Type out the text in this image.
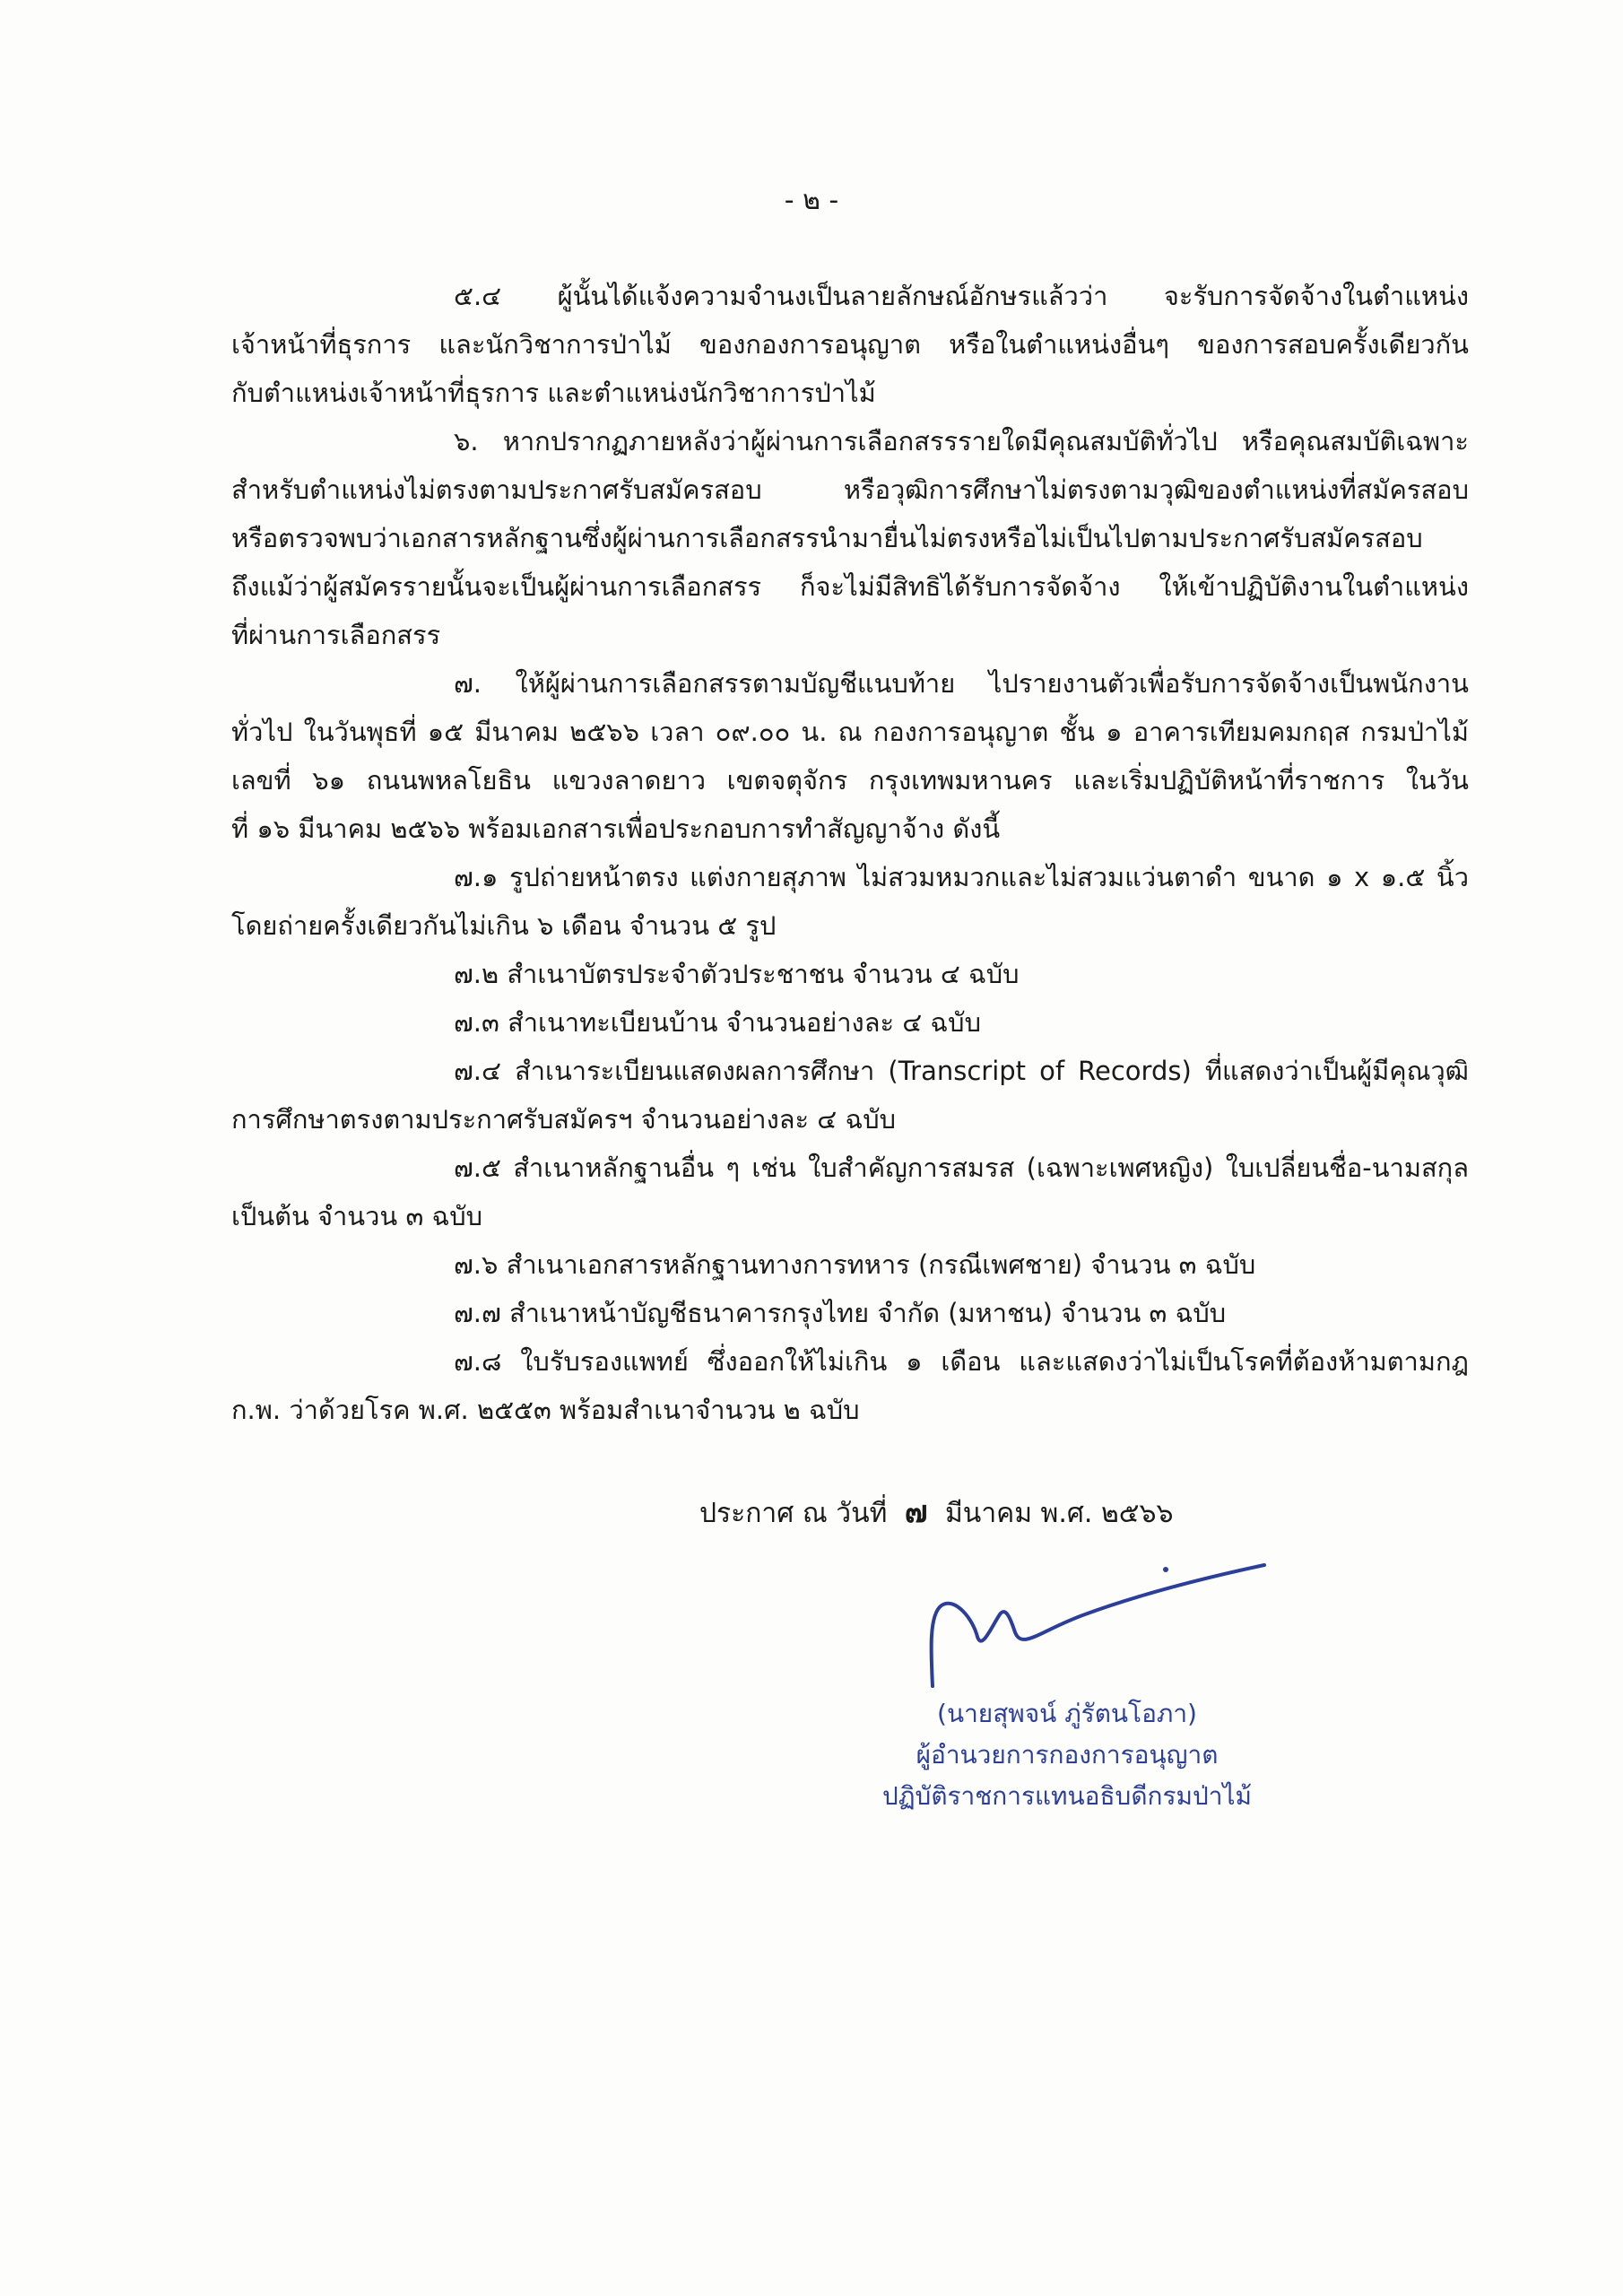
- ๒ -
๕.๔ ผู้นั้นได้แจ้งความจำนงเป็นลายลักษณ์อักษรแล้วว่า จะรับการจัดจ้างในตำแหน่ง
เจ้าหน้าที่ธุรการ และนักวิชาการป่าไม้ ของกองการอนุญาต หรือในตำแหน่งอื่นๆ ของการสอบครั้งเดียวกัน
กับตำแหน่งเจ้าหน้าที่ธุรการ และตำแหน่งนักวิชาการป่าไม้
๖. หากปรากฏภายหลังว่าผู้ผ่านการเลือกสรรรายใดมีคุณสมบัติทั่วไป หรือคุณสมบัติเฉพาะ
สำหรับตำแหน่งไม่ตรงตามประกาศรับสมัครสอบ หรือวุฒิการศึกษาไม่ตรงตามวุฒิของตำแหน่งที่สมัครสอบ
หรือตรวจพบว่าเอกสารหลักฐานซึ่งผู้ผ่านการเลือกสรรนำมายื่นไม่ตรงหรือไม่เป็นไปตามประกาศรับสมัครสอบ
ถึงแม้ว่าผู้สมัครรายนั้นจะเป็นผู้ผ่านการเลือกสรร ก็จะไม่มีสิทธิได้รับการจัดจ้าง ให้เข้าปฏิบัติงานในตำแหน่ง
ที่ผ่านการเลือกสรร
๗. ให้ผู้ผ่านการเลือกสรรตามบัญชีแนบท้าย ไปรายงานตัวเพื่อรับการจัดจ้างเป็นพนักงาน
ทั่วไป ในวันพุธที่ ๑๕ มีนาคม ๒๕๖๖ เวลา ๐๙.๐๐ น. ณ กองการอนุญาต ชั้น ๑ อาคารเทียมคมกฤส กรมป่าไม้
เลขที่ ๖๑ ถนนพหลโยธิน แขวงลาดยาว เขตจตุจักร กรุงเทพมหานคร และเริ่มปฏิบัติหน้าที่ราชการ ในวัน
ที่ ๑๖ มีนาคม ๒๕๖๖ พร้อมเอกสารเพื่อประกอบการทำสัญญาจ้าง ดังนี้
๗.๑ รูปถ่ายหน้าตรง แต่งกายสุภาพ ไม่สวมหมวกและไม่สวมแว่นตาดำ ขนาด ๑ x ๑.๕ นิ้ว
โดยถ่ายครั้งเดียวกันไม่เกิน ๖ เดือน จำนวน ๕ รูป
๗.๒ สำเนาบัตรประจำตัวประชาชน จำนวน ๔ ฉบับ
๗.๓ สำเนาทะเบียนบ้าน จำนวนอย่างละ ๔ ฉบับ
๗.๔ สำเนาระเบียนแสดงผลการศึกษา (Transcript of Records) ที่แสดงว่าเป็นผู้มีคุณวุฒิ
การศึกษาตรงตามประกาศรับสมัครฯ จำนวนอย่างละ ๔ ฉบับ
๗.๕ สำเนาหลักฐานอื่น ๆ เช่น ใบสำคัญการสมรส (เฉพาะเพศหญิง) ใบเปลี่ยนชื่อ-นามสกุล
เป็นต้น จำนวน ๓ ฉบับ
๗.๖ สำเนาเอกสารหลักฐานทางการทหาร (กรณีเพศชาย) จำนวน ๓ ฉบับ
๗.๗ สำเนาหน้าบัญชีธนาคารกรุงไทย จำกัด (มหาชน) จำนวน ๓ ฉบับ
๗.๘ ใบรับรองแพทย์ ซึ่งออกให้ไม่เกิน ๑ เดือน และแสดงว่าไม่เป็นโรคที่ต้องห้ามตามกฎ
ก.พ. ว่าด้วยโรค พ.ศ. ๒๕๕๓ พร้อมสำเนาจำนวน ๒ ฉบับ
ประกาศ ณ วันที่ ๗ มีนาคม พ.ศ. ๒๕๖๖
(นายสุพจน์ ภู่รัตนโอภา)
ผู้อำนวยการกองการอนุญาต
ปฏิบัติราชการแทนอธิบดีกรมป่าไม้
